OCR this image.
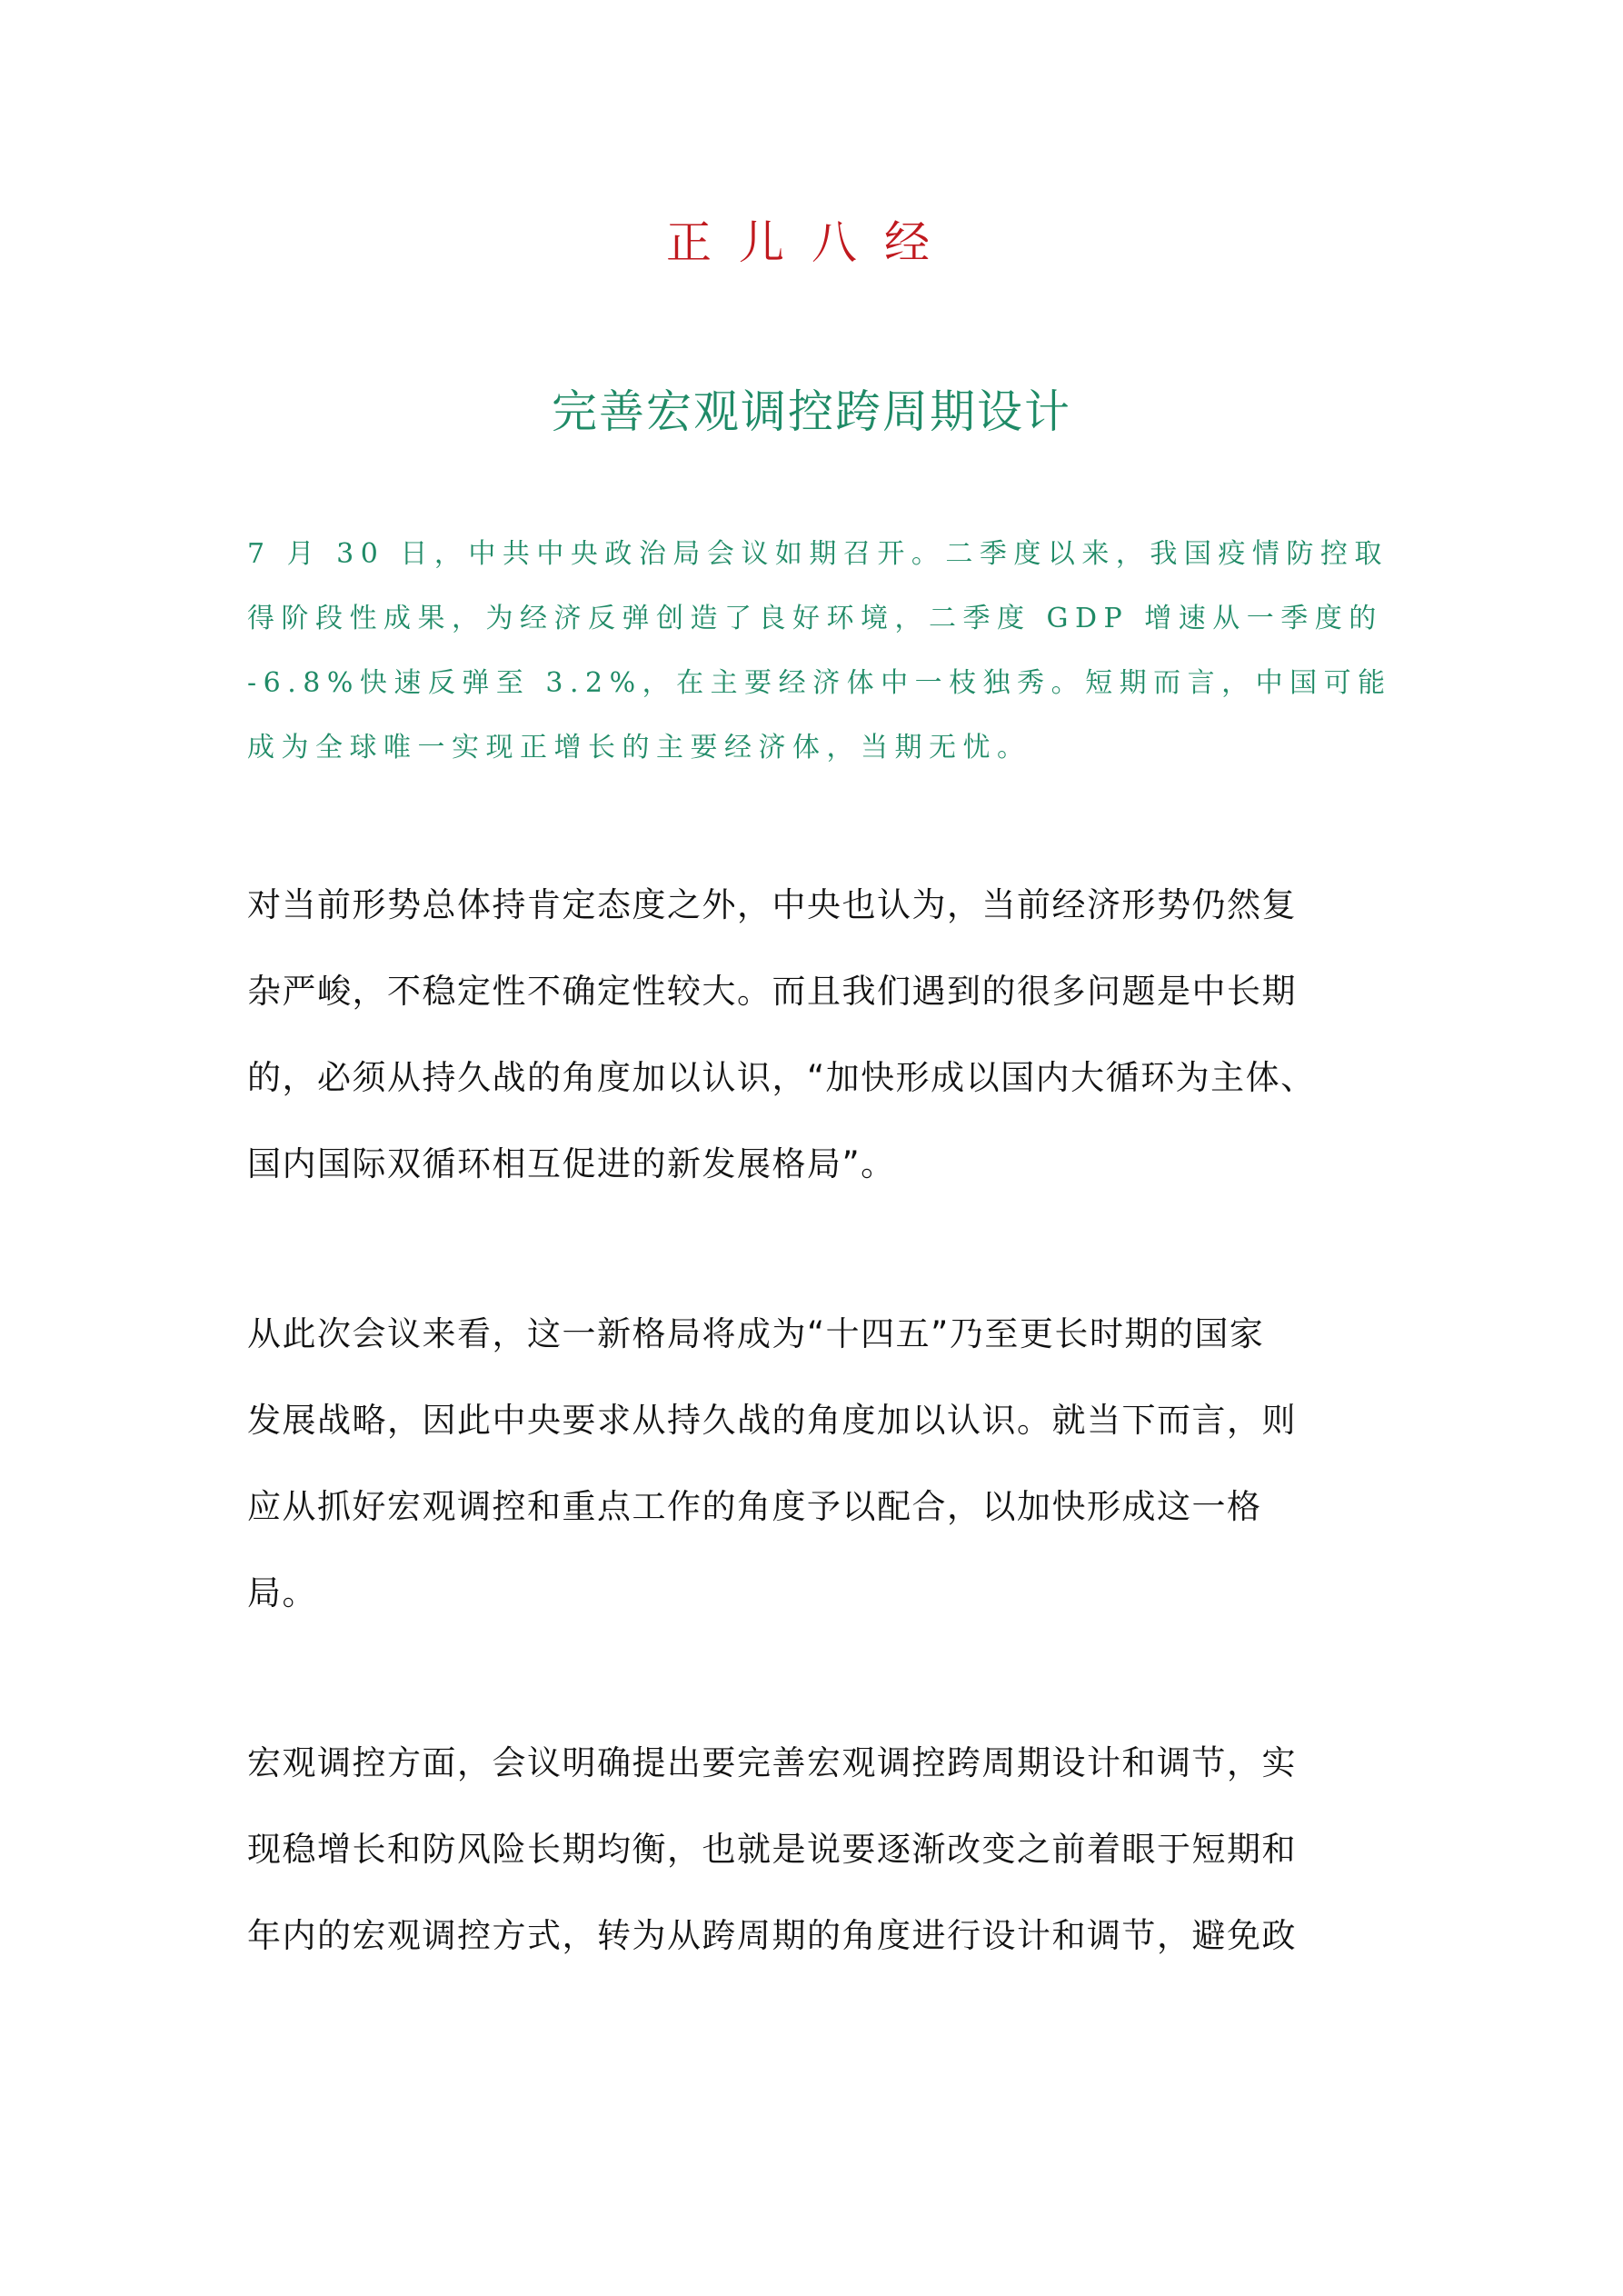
正儿八经
完善宏观调控跨周期设计
7 月 30 日，中共中央政治局会议如期召开。二季度以来，我国疫情防控取
得阶段性成果，为经济反弹创造了良好环境，二季度 GDP 增速从一季度的
-6.8%快速反弹至 3.2%，在主要经济体中一枝独秀。短期而言，中国可能
成为全球唯一实现正增长的主要经济体，当期无忧。
对当前形势总体持肯定态度之外，中央也认为，当前经济形势仍然复
杂严峻，不稳定性不确定性较大。而且我们遇到的很多问题是中长期
的，必须从持久战的角度加以认识，“加快形成以国内大循环为主体、
国内国际双循环相互促进的新发展格局”。
从此次会议来看，这一新格局将成为“十四五”乃至更长时期的国家
发展战略，因此中央要求从持久战的角度加以认识。就当下而言，则
应从抓好宏观调控和重点工作的角度予以配合，以加快形成这一格
局。
宏观调控方面，会议明确提出要完善宏观调控跨周期设计和调节，实
现稳增长和防风险长期均衡，也就是说要逐渐改变之前着眼于短期和
年内的宏观调控方式，转为从跨周期的角度进行设计和调节，避免政
